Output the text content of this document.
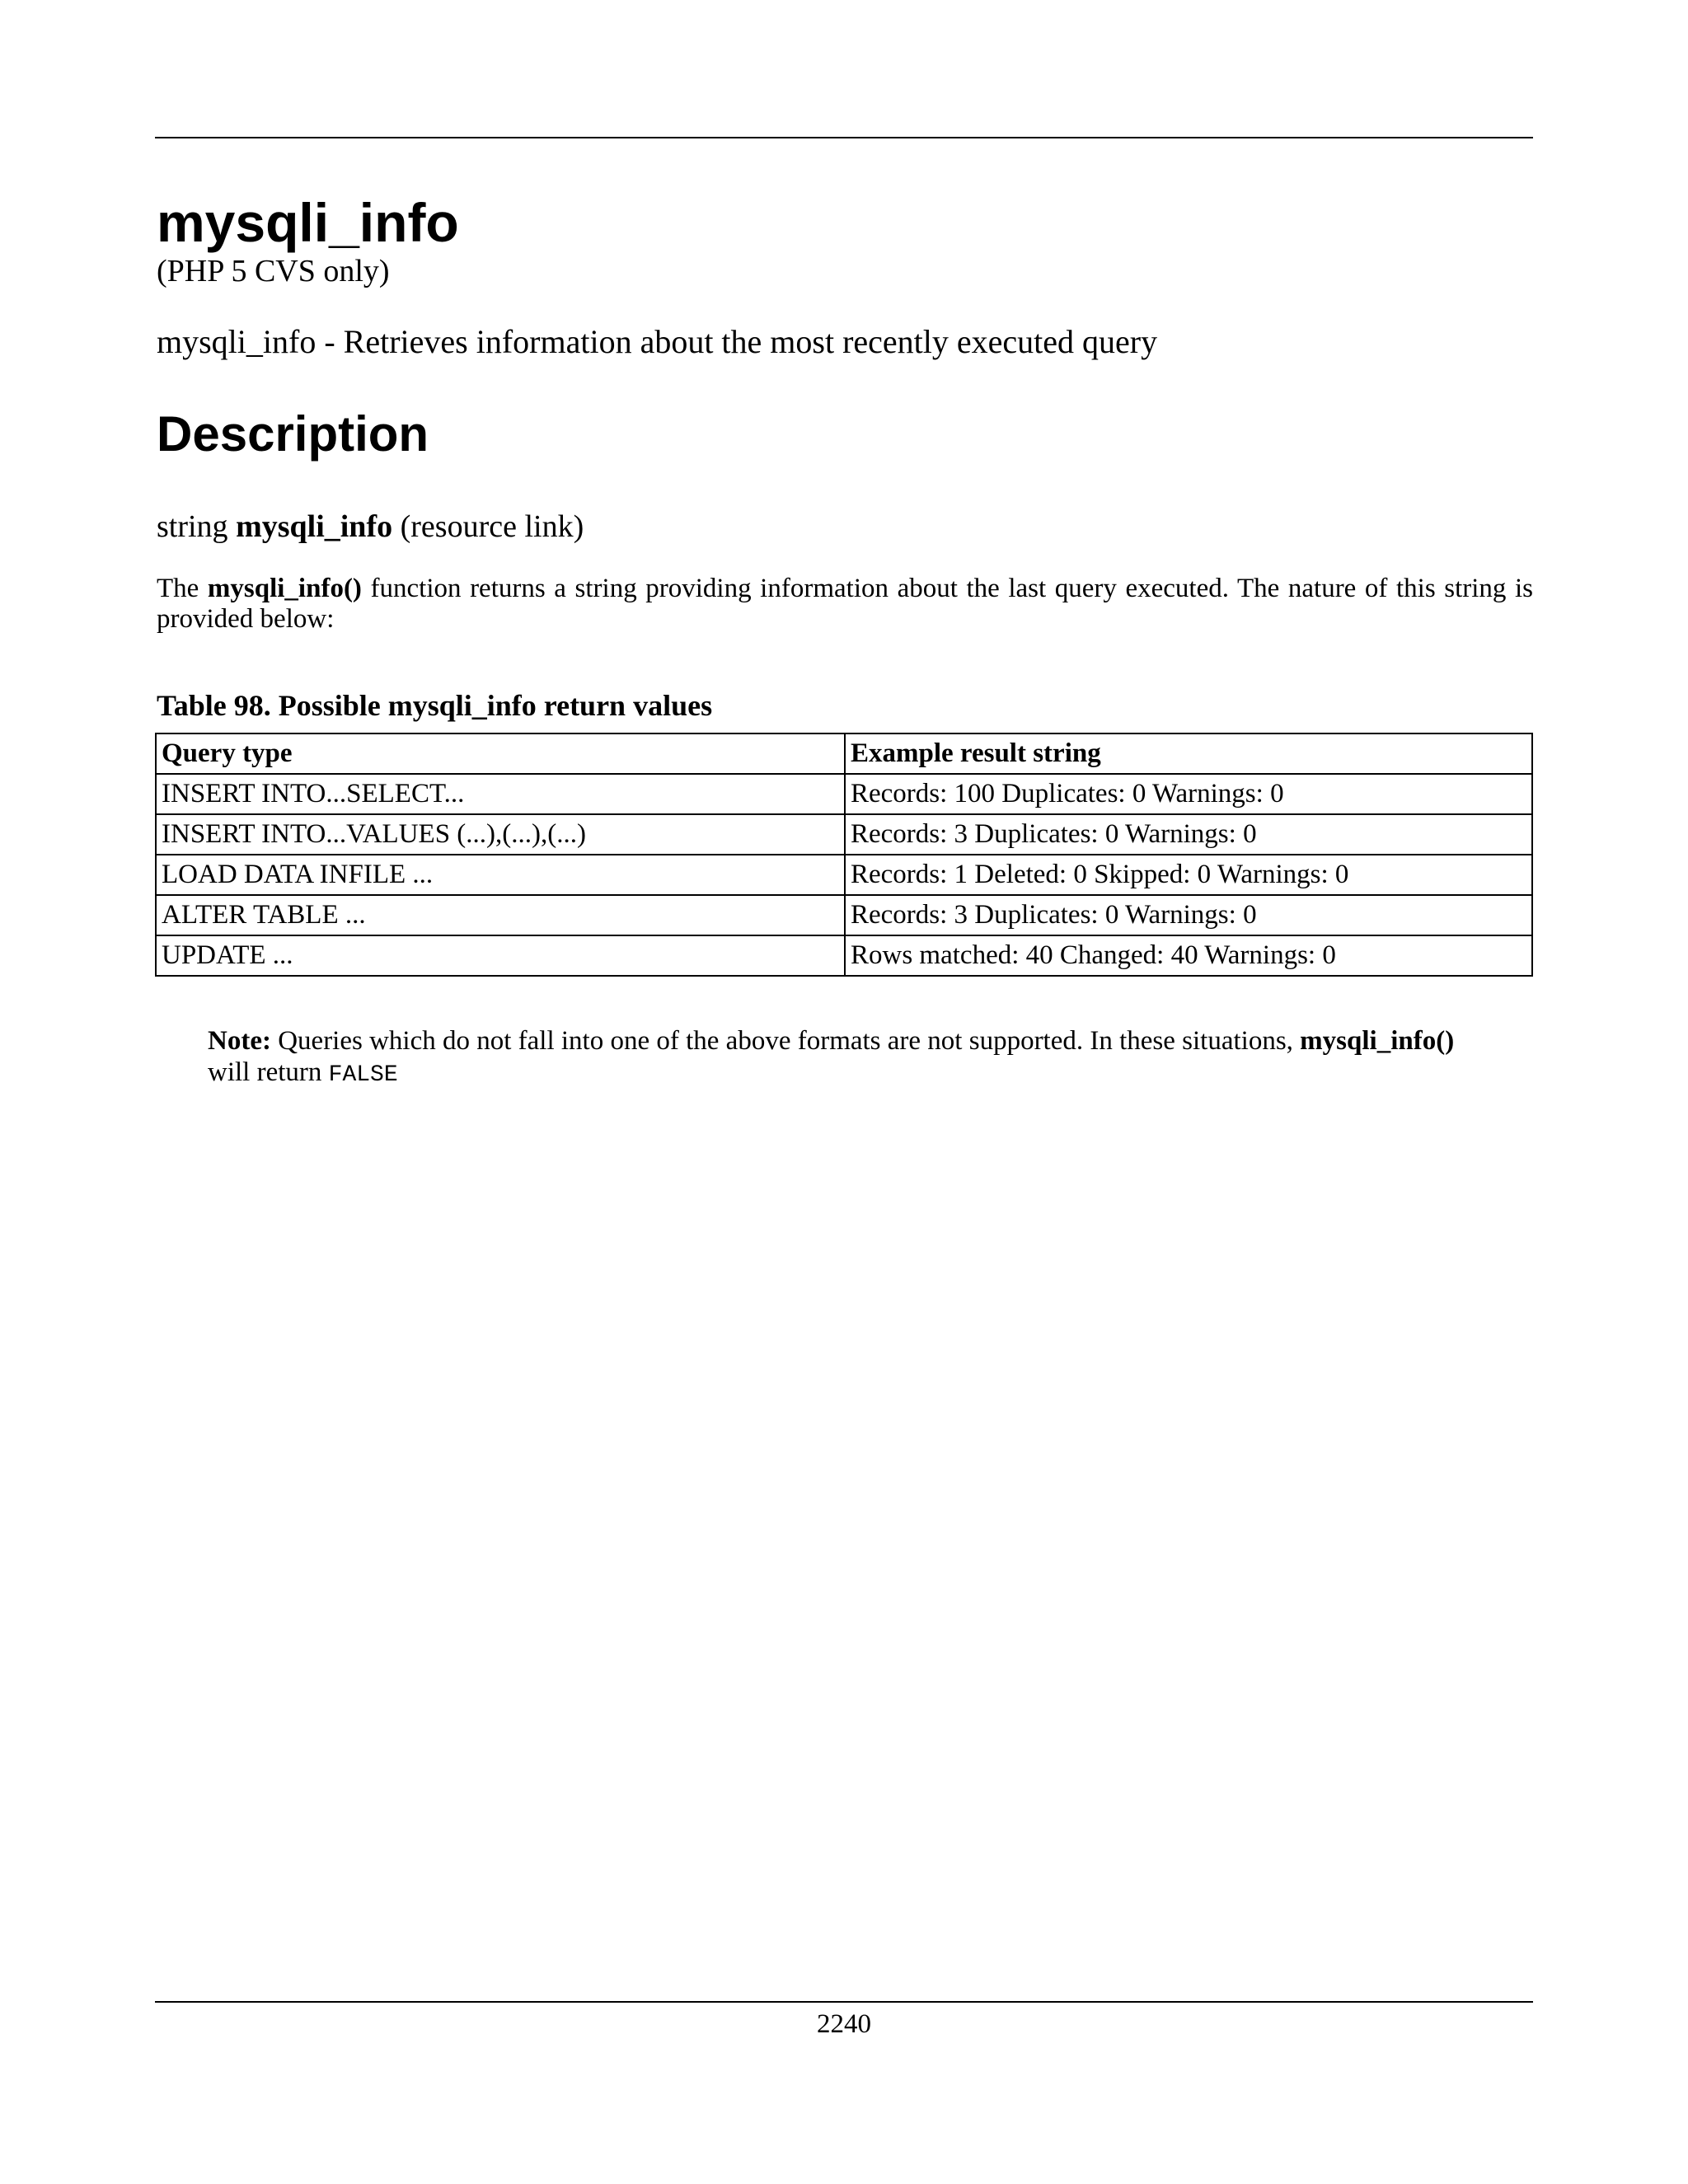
mysqli_info
(PHP 5 CVS only)
mysqli_info - Retrieves information about the most recently executed query
Description
string mysqli_info (resource link)
The mysqli_info() function returns a string providing information about the last query executed. The nature of this string is provided below:
Table 98. Possible mysqli_info return values
Query type	Example result string
INSERT INTO...SELECT...	Records: 100 Duplicates: 0 Warnings: 0
INSERT INTO...VALUES (...),(...),(...)	Records: 3 Duplicates: 0 Warnings: 0
LOAD DATA INFILE ...	Records: 1 Deleted: 0 Skipped: 0 Warnings: 0
ALTER TABLE ...	Records: 3 Duplicates: 0 Warnings: 0
UPDATE ...	Rows matched: 40 Changed: 40 Warnings: 0
Note: Queries which do not fall into one of the above formats are not supported. In these situations, mysqli_info() will return FALSE
2240
